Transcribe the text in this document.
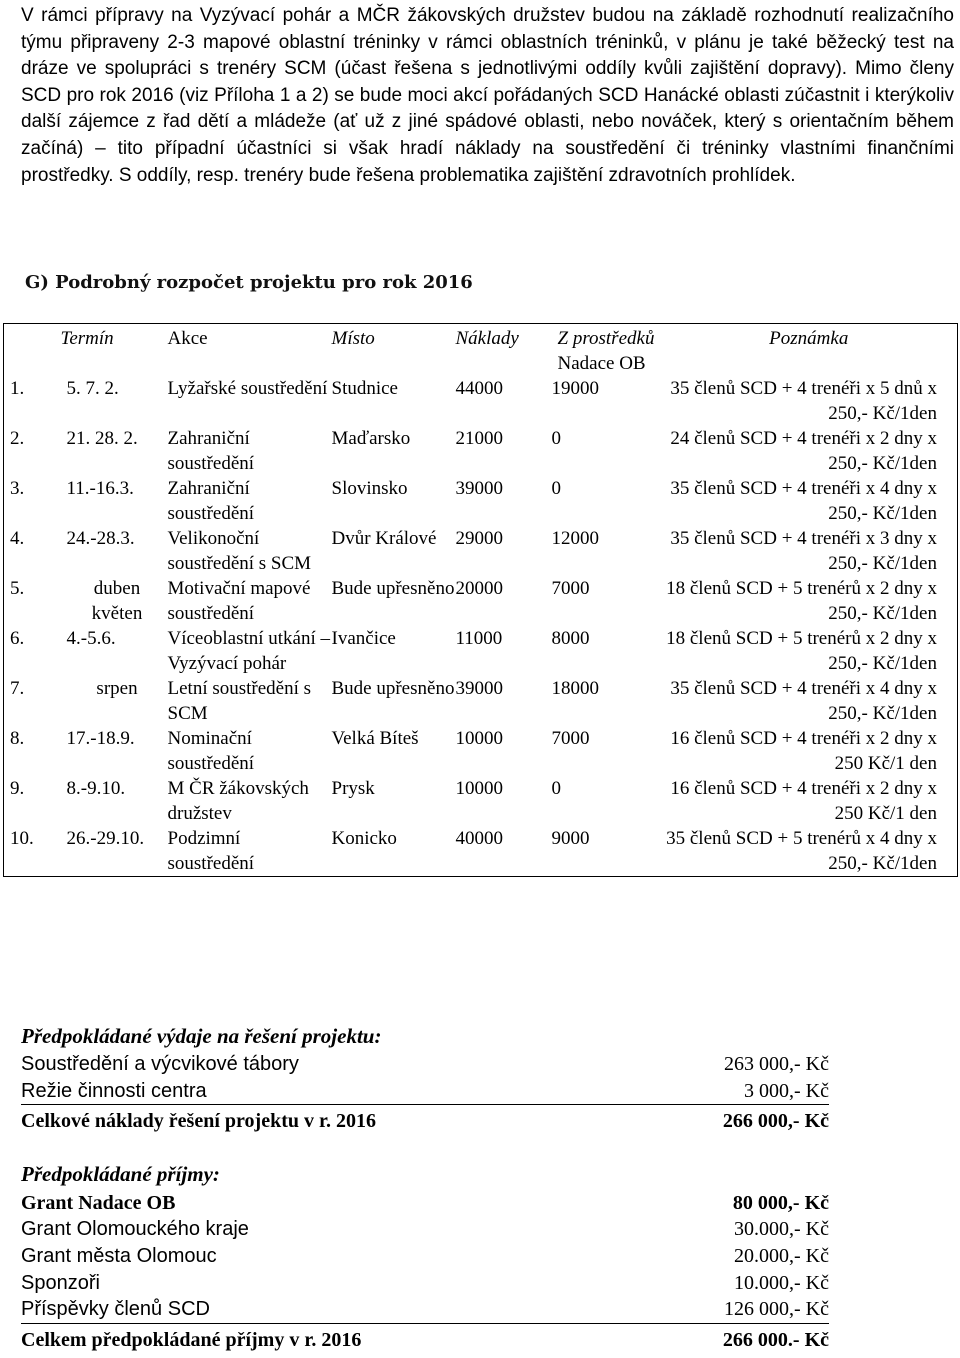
V rámci přípravy na Vyzývací pohár a MČR žákovských družstev budou na základě rozhodnutí realizačního týmu připraveny 2-3 mapové oblastní tréninky v rámci oblastních tréninků, v plánu je také běžecký test na dráze ve spolupráci s trenéry SCM (účast řešena s jednotlivými oddíly kvůli zajištění dopravy). Mimo členy SCD pro rok 2016 (viz Příloha 1 a 2) se bude moci akcí pořádaných SCD Hanácké oblasti zúčastnit i kterýkoliv další zájemce z řad dětí a mládeže (ať už z jiné spádové oblasti, nebo nováček, který s orientačním během začíná) – tito případní účastníci si však hradí náklady na soustředění či tréninky vlastními finančními prostředky. S oddíly, resp. trenéry bude řešena problematika zajištění zdravotních prohlídek.

G) Podrobný rozpočet projektu pro rok 2016
	Termín	Akce	Místo	Náklady	Z prostředků
Nadace OB	Poznámka
1.	5. 7. 2.	Lyžařské soustředění	Studnice	44000	19000	35 členů SCD + 4 trenéři x 5 dnů x 250,- Kč/1den
2.	21. 28. 2.	Zahraniční soustředění	Maďarsko	21000	0	24 členů SCD + 4 trenéři x 2 dny x 250,- Kč/1den
3.	11.-16.3.	Zahraniční soustředění	Slovinsko	39000	0	35 členů SCD + 4 trenéři x 4 dny x 250,- Kč/1den
4.	24.-28.3.	Velikonoční soustředění s SCM	Dvůr Králové	29000	12000	35 členů SCD + 4 trenéři x 3 dny x 250,- Kč/1den
5.	duben květen	Motivační mapové soustředění	Bude upřesněno	20000	7000	18 členů SCD + 5 trenérů x 2 dny x 250,- Kč/1den
6.	4.-5.6.	Víceoblastní utkání – Vyzývací pohár	Ivančice	11000	8000	18 členů SCD + 5 trenérů x 2 dny x 250,- Kč/1den
7.	srpen	Letní soustředění s SCM	Bude upřesněno	39000	18000	35 členů SCD + 4 trenéři x 4 dny x 250,- Kč/1den
8.	17.-18.9.	Nominační soustředění	Velká Bíteš	10000	7000	16 členů SCD + 4 trenéři x 2 dny x 250 Kč/1 den
9.	8.-9.10.	M ČR žákovských družstev	Prysk	10000	0	16 členů SCD + 4 trenéři x 2 dny x 250 Kč/1 den
10.	26.-29.10.	Podzimní soustředění	Konicko	40000	9000	35 členů SCD + 5 trenérů x 4 dny x 250,- Kč/1den
Předpokládané výdaje na řešení projektu:
Soustředění a výcvikové tábory	263 000,- Kč
Režie činnosti centra	3 000,- Kč
Celkové náklady řešení projektu v r. 2016	266 000,- Kč
Předpokládané příjmy:
Grant Nadace OB	80 000,- Kč
Grant Olomouckého kraje	30.000,- Kč
Grant města Olomouc	20.000,- Kč
Sponzoři	10.000,- Kč
Příspěvky členů SCD	126 000,- Kč
Celkem předpokládané příjmy v r. 2016	266 000.- Kč
